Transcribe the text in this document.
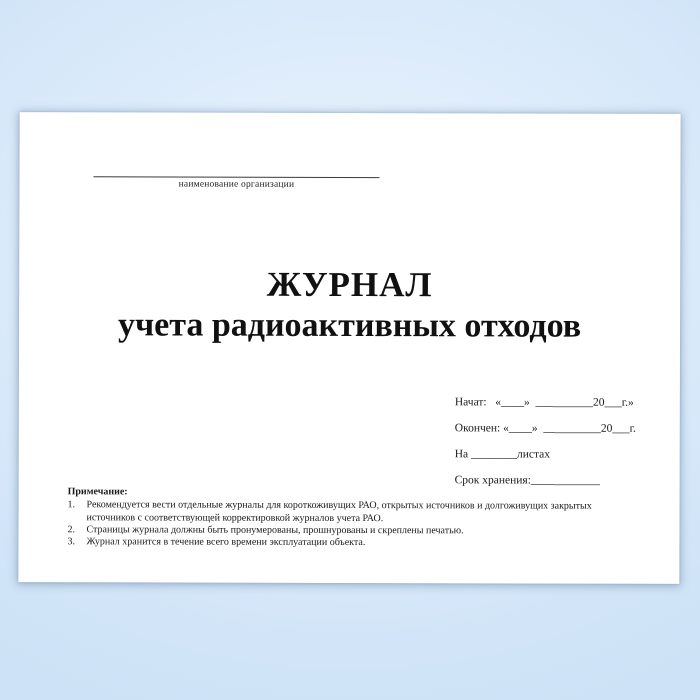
наименование организации
ЖУРНАЛ
учета радиоактивных отходов
Начат:   «____»  __________20___г.»
Окончен: «____»  __________20___г.
На ________листах
Срок хранения:____________
Примечание:
1.	Рекомендуется вести отдельные журналы для короткоживущих РАО, открытых источников и долгоживущих закрытых источников с соответствующей корректировкой журналов учета РАО.
2.	Страницы журнала должны быть пронумерованы, прошнурованы и скреплены печатью.
3.	Журнал хранится в течение всего времени эксплуатации объекта.
